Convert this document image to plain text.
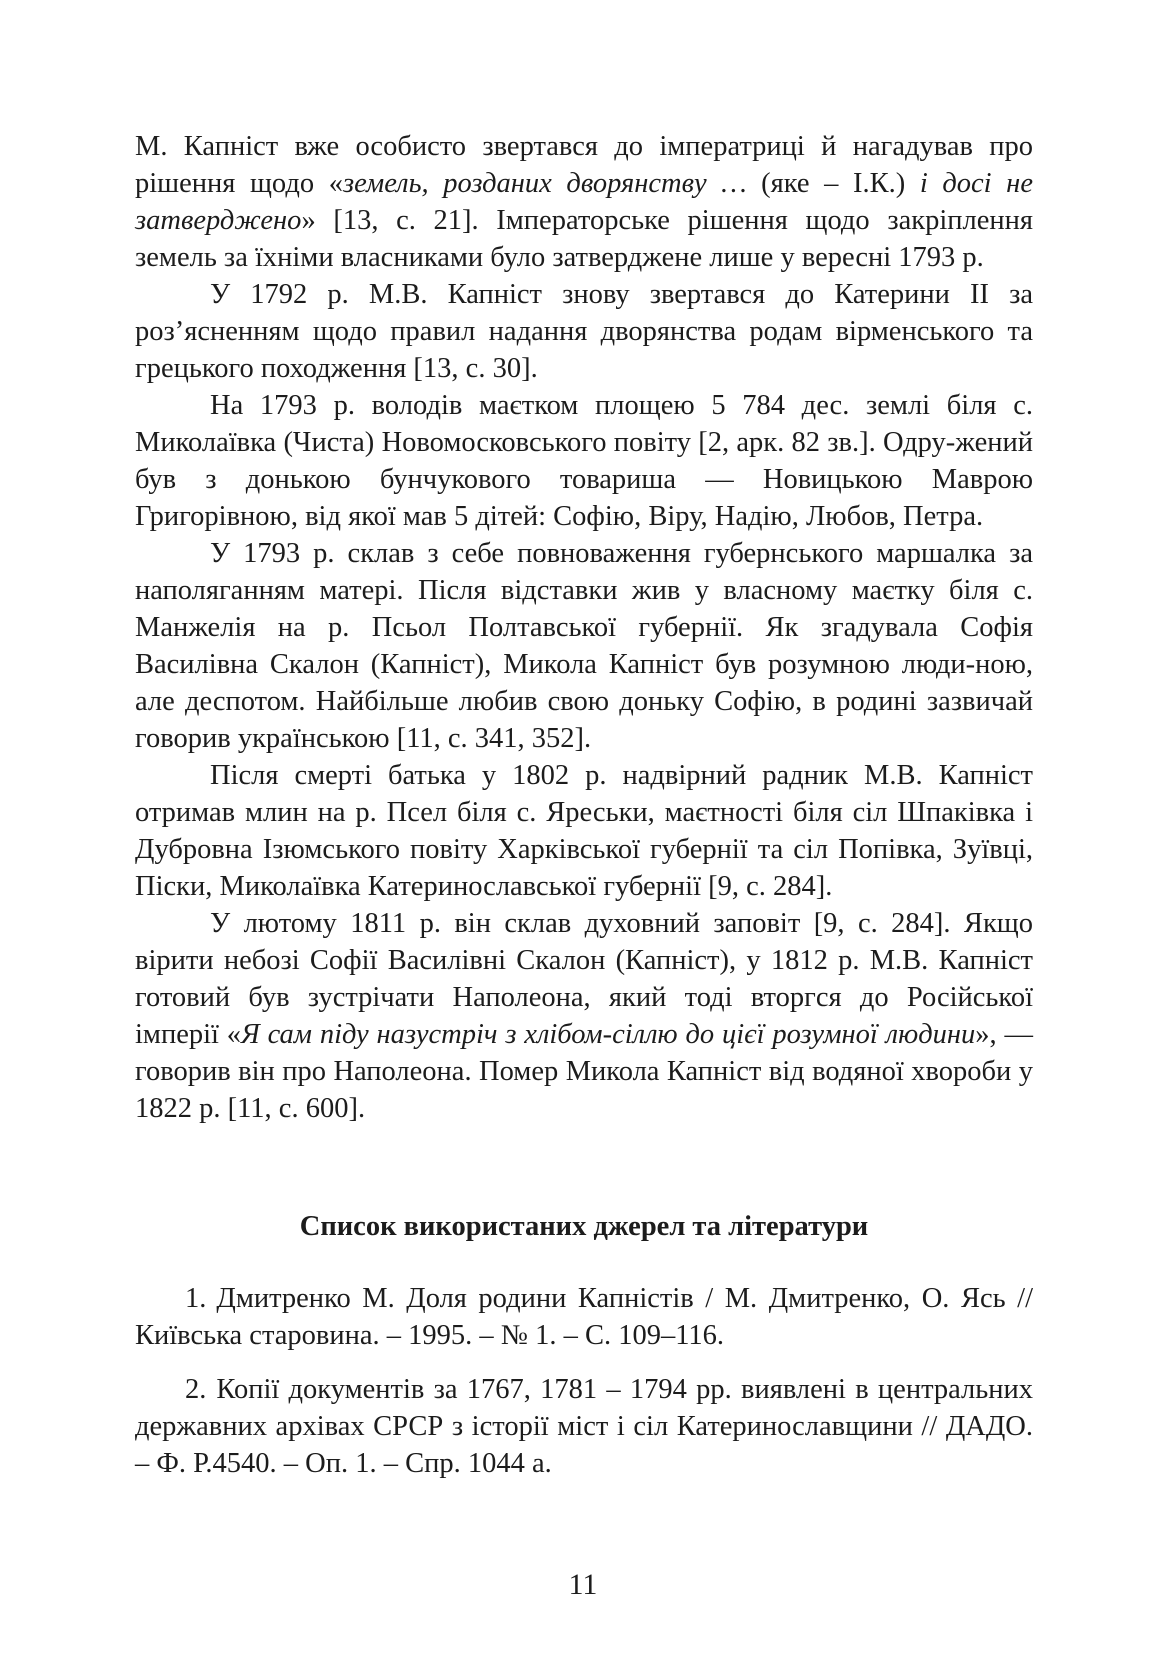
М. Капніст вже особисто звертався до імператриці й нагадував про рішення щодо «земель, розданих дворянству … (яке – І.К.) і досі не затверджено» [13, с. 21]. Імператорське рішення щодо закріплення земель за їхніми власниками було затверджене лише у вересні 1793 р.

У 1792 р. М.В. Капніст знову звертався до Катерини ІІ за роз’ясненням щодо правил надання дворянства родам вірменського та грецького походження [13, с. 30].

На 1793 р. володів маєтком площею 5 784 дес. землі біля с. Миколаївка (Чиста) Новомосковського повіту [2, арк. 82 зв.]. Одру-жений був з донькою бунчукового товариша — Новицькою Маврою Григорівною, від якої мав 5 дітей: Софію, Віру, Надію, Любов, Петра.

У 1793 р. склав з себе повноваження губернського маршалка за наполяганням матері. Після відставки жив у власному маєтку біля с. Манжелія на р. Псьол Полтавської губернії. Як згадувала Софія Василівна Скалон (Капніст), Микола Капніст був розумною люди-ною, але деспотом. Найбільше любив свою доньку Софію, в родині зазвичай говорив українською [11, с. 341, 352].

Після смерті батька у 1802 р. надвірний радник М.В. Капніст отримав млин на р. Псел біля с. Яреськи, маєтності біля сіл Шпаківка і Дубровна Ізюмського повіту Харківської губернії та сіл Попівка, Зуївці, Піски, Миколаївка Катеринославської губернії [9, с. 284].

У лютому 1811 р. він склав духовний заповіт [9, с. 284]. Якщо вірити небозі Софії Василівні Скалон (Капніст), у 1812 р. М.В. Капніст готовий був зустрічати Наполеона, який тоді вторгся до Російської імперії «Я сам піду назустріч з хлібом-сіллю до цієї розумної людини», — говорив він про Наполеона. Помер Микола Капніст від водяної хвороби у 1822 р. [11, с. 600].

Список використаних джерел та літератури

1. Дмитренко М. Доля родини Капністів / М. Дмитренко, О. Ясь // Київська старовина. – 1995. – № 1. – С. 109–116.

2. Копії документів за 1767, 1781 – 1794 рр. виявлені в центральних державних архівах СРСР з історії міст і сіл Катеринославщини // ДАДО. – Ф. Р.4540. – Оп. 1. – Спр. 1044 а.

11
